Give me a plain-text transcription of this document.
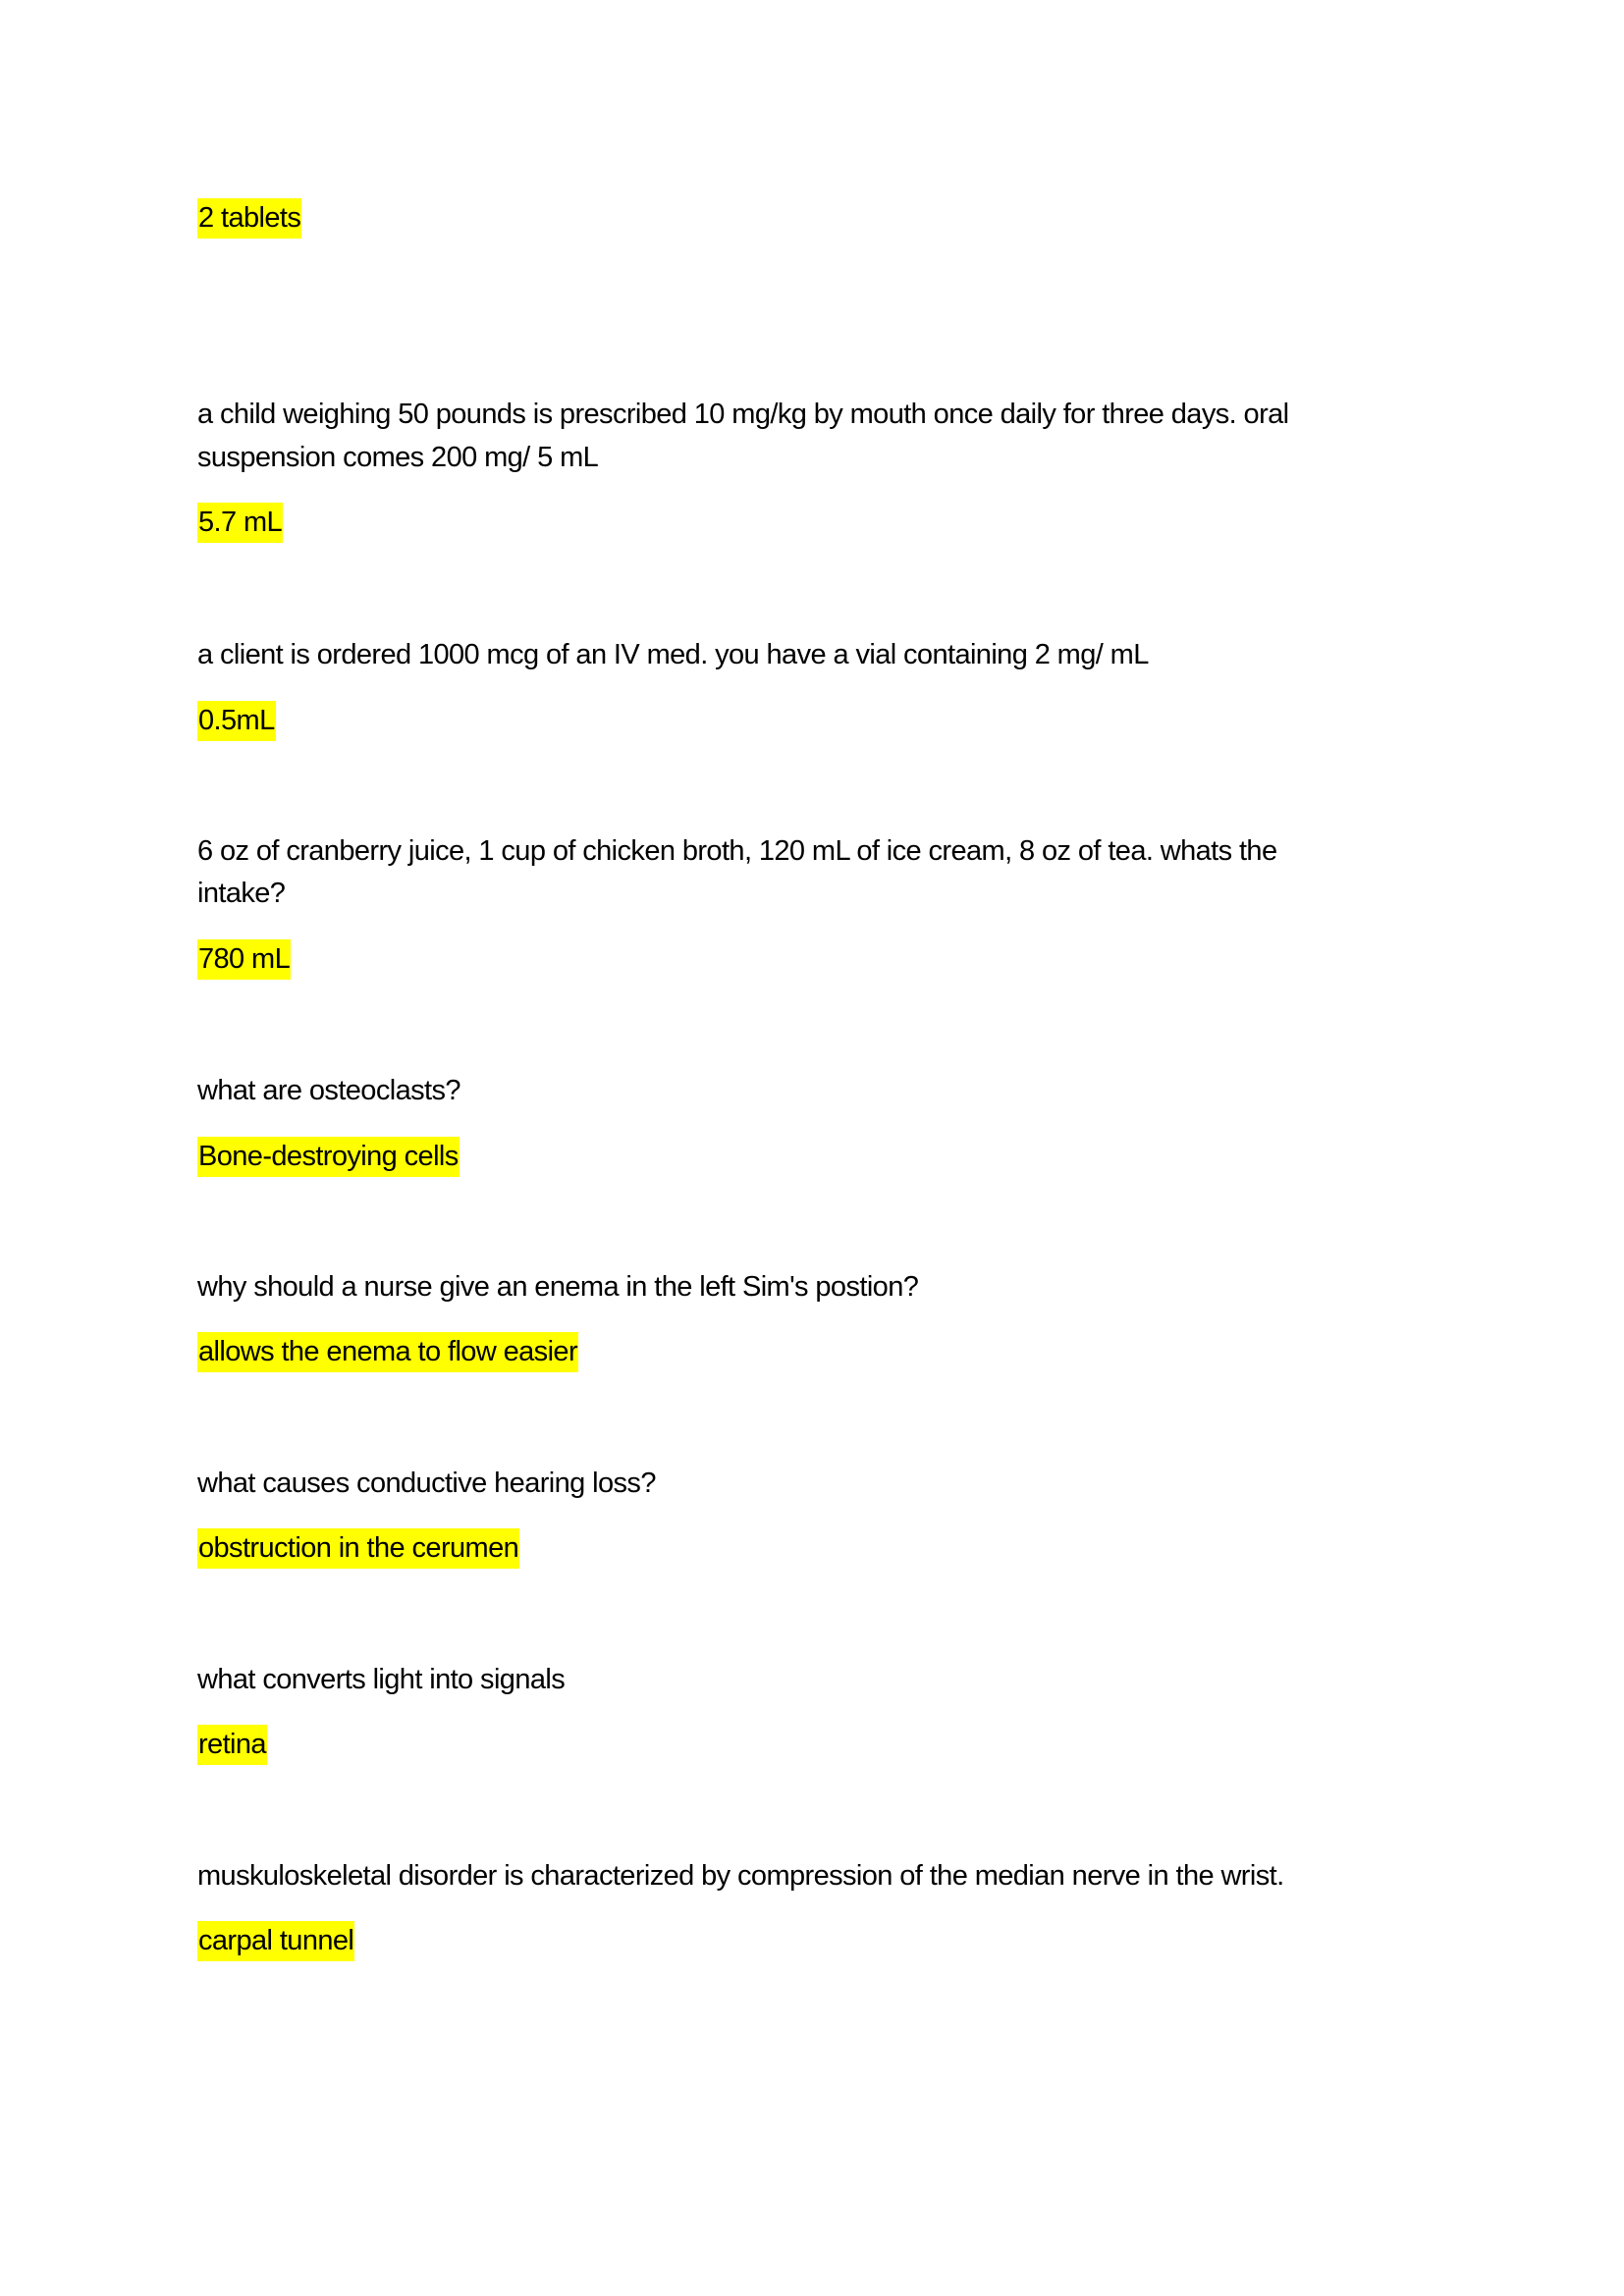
2 tablets
a child weighing 50 pounds is prescribed 10 mg/kg by mouth once daily for three days. oral
suspension comes 200 mg/ 5 mL
5.7 mL
a client is ordered 1000 mcg of an IV med. you have a vial containing 2 mg/ mL
0.5mL
6 oz of cranberry juice, 1 cup of chicken broth, 120 mL of ice cream, 8 oz of tea. whats the
intake?
780 mL
what are osteoclasts?
Bone-destroying cells
why should a nurse give an enema in the left Sim's postion?
allows the enema to flow easier
what causes conductive hearing loss?
obstruction in the cerumen
what converts light into signals
retina
muskuloskeletal disorder is characterized by compression of the median nerve in the wrist.
carpal tunnel
